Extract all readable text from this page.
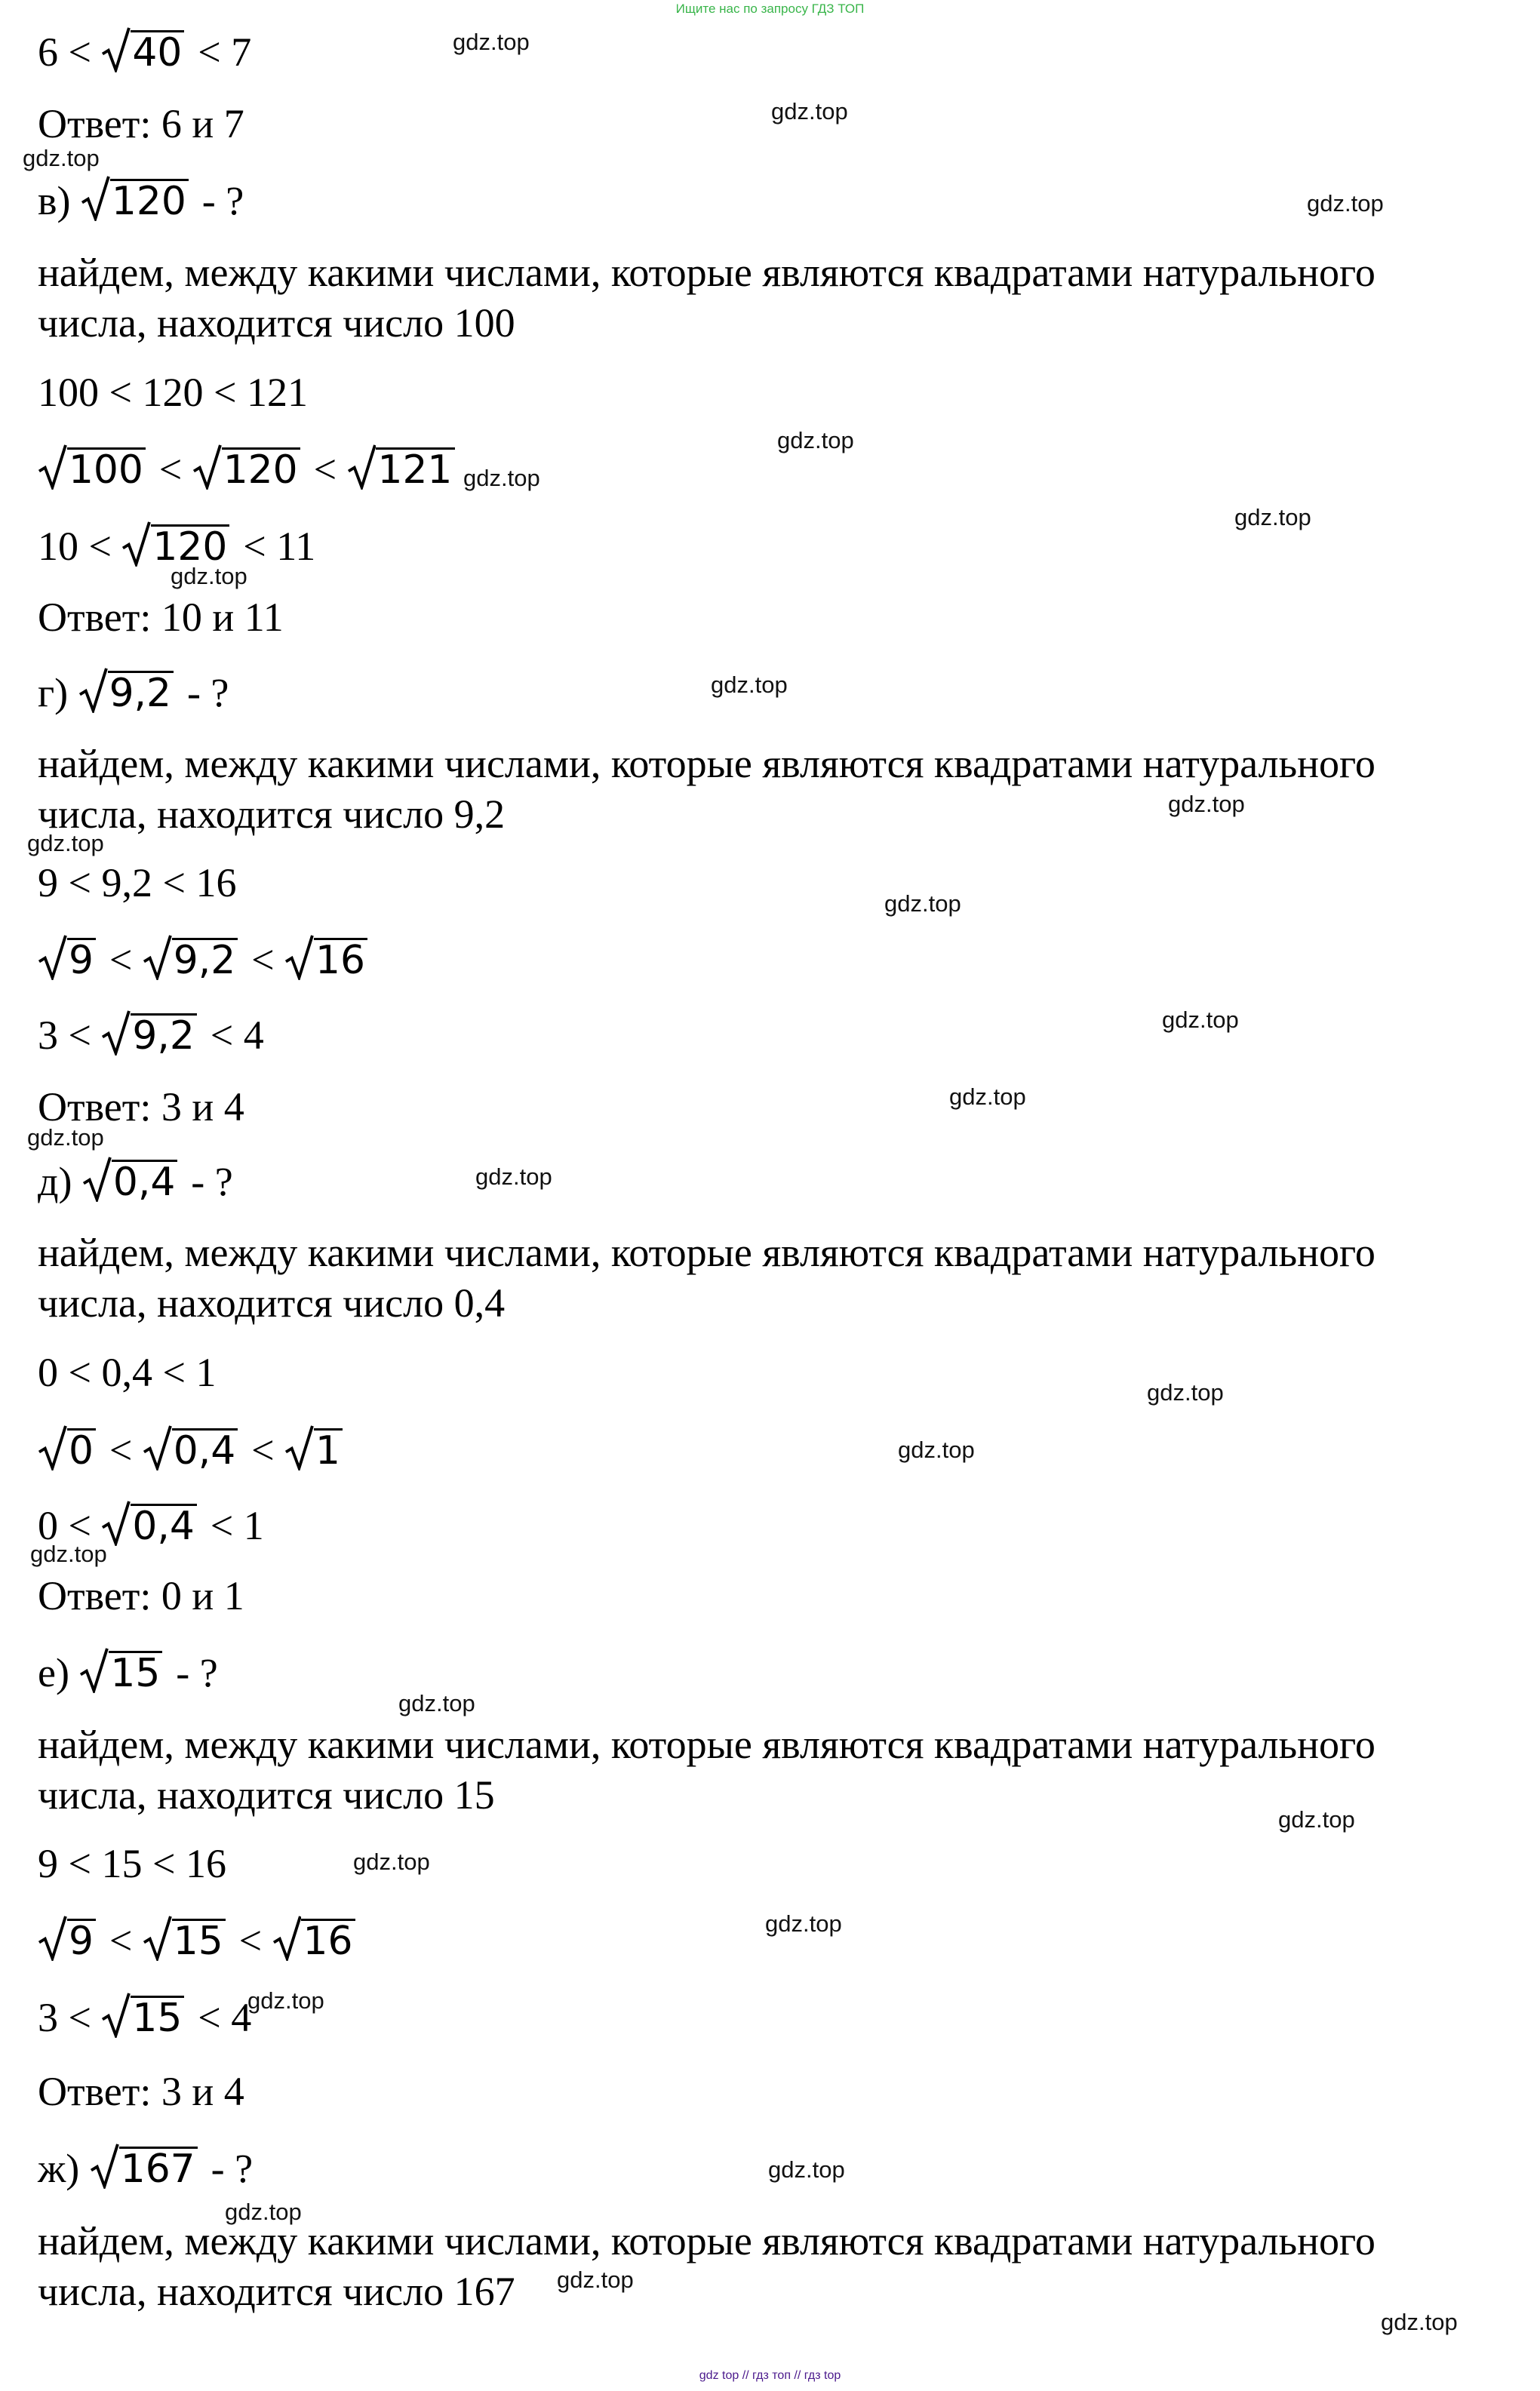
Ищите нас по запросу ГДЗ ТОП
6 < 40 < 7
Ответ: 6 и 7
в) 120 - ?
найдем, между какими числами, которые являются квадратами натурального
числа, находится число 100
100 < 120 < 121
100 < 120 < 121
10 < 120 < 11
Ответ: 10 и 11
г) 9,2 - ?
найдем, между какими числами, которые являются квадратами натурального
числа, находится число 9,2
9 < 9,2 < 16
9 < 9,2 < 16
3 < 9,2 < 4
Ответ: 3 и 4
д) 0,4 - ?
найдем, между какими числами, которые являются квадратами натурального
числа, находится число 0,4
0 < 0,4 < 1
0 < 0,4 < 1
0 < 0,4 < 1
Ответ: 0 и 1
е) 15 - ?
найдем, между какими числами, которые являются квадратами натурального
числа, находится число 15
9 < 15 < 16
9 < 15 < 16
3 < 15 < 4
Ответ: 3 и 4
ж) 167 - ?
найдем, между какими числами, которые являются квадратами натурального
числа, находится число 167
gdz.top
gdz.top
gdz.top
gdz.top
gdz.top
gdz.top
gdz.top
gdz.top
gdz.top
gdz.top
gdz.top
gdz.top
gdz.top
gdz.top
gdz.top
gdz.top
gdz.top
gdz.top
gdz.top
gdz.top
gdz.top
gdz.top
gdz.top
gdz.top
gdz.top
gdz.top
gdz.top
gdz.top
gdz top // гдз топ // гдз top
